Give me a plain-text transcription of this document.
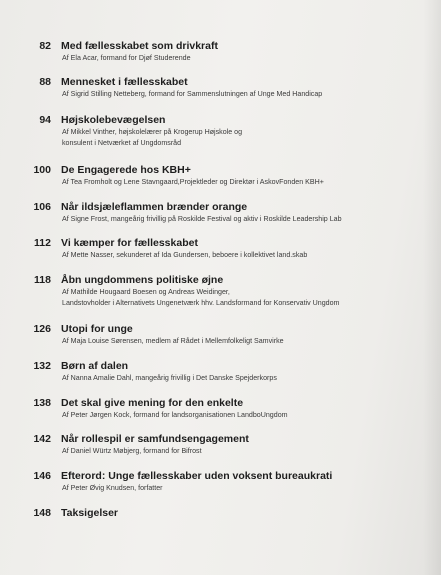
82 Med fællesskabet som drivkraft
Af Ela Acar, formand for Djøf Studerende
88 Mennesket i fællesskabet
Af Sigrid Stilling Netteberg, formand for Sammenslutningen af Unge Med Handicap
94 Højskolebevægelsen
Af Mikkel Vinther, højskolelærer på Krogerup Højskole og
konsulent i Netværket af Ungdomsråd
100 De Engagerede hos KBH+
Af Tea Fromholt og Lene Stavngaard,Projektleder og Direktør i AskovFonden KBH+
106 Når ildsjæleflammen brænder orange
Af Signe Frost, mangeårig frivillig på Roskilde Festival og aktiv i Roskilde Leadership Lab
112 Vi kæmper for fællesskabet
Af Mette Nasser, sekunderet af Ida Gundersen, beboere i kollektivet land.skab
118 Åbn ungdommens politiske øjne
Af Mathilde Hougaard Boesen og Andreas Weidinger,
Landstovholder i Alternativets Ungenetværk hhv. Landsformand for Konservativ Ungdom
126 Utopi for unge
Af Maja Louise Sørensen, medlem af Rådet i Mellemfolkeligt Samvirke
132 Børn af dalen
Af Nanna Amalie Dahl, mangeårig frivillig i Det Danske Spejderkorps
138 Det skal give mening for den enkelte
Af Peter Jørgen Kock, formand for landsorganisationen LandboUngdom
142 Når rollespil er samfundsengagement
Af Daniel Würtz Møbjerg, formand for Bifrost
146 Efterord: Unge fællesskaber uden voksent bureaukrati
Af Peter Øvig Knudsen, forfatter
148 Taksigelser
